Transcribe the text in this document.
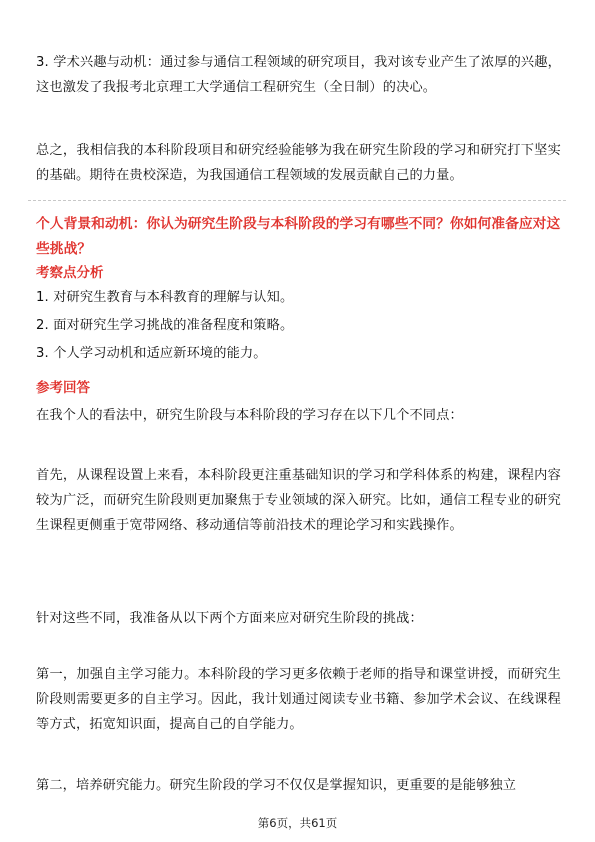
3. 学术兴趣与动机：通过参与通信工程领域的研究项目，我对该专业产生了浓厚的兴趣，这也激发了我报考北京理工大学通信工程研究生（全日制）的决心。

总之，我相信我的本科阶段项目和研究经验能够为我在研究生阶段的学习和研究打下坚实的基础。期待在贵校深造，为我国通信工程领域的发展贡献自己的力量。

个人背景和动机：你认为研究生阶段与本科阶段的学习有哪些不同？你如何准备应对这些挑战？
考察点分析

1. 对研究生教育与本科教育的理解与认知。

2. 面对研究生学习挑战的准备程度和策略。

3. 个人学习动机和适应新环境的能力。

参考回答

在我个人的看法中，研究生阶段与本科阶段的学习存在以下几个不同点：

首先，从课程设置上来看，本科阶段更注重基础知识的学习和学科体系的构建，课程内容较为广泛，而研究生阶段则更加聚焦于专业领域的深入研究。比如，通信工程专业的研究生课程更侧重于宽带网络、移动通信等前沿技术的理论学习和实践操作。

针对这些不同，我准备从以下两个方面来应对研究生阶段的挑战：

第一，加强自主学习能力。本科阶段的学习更多依赖于老师的指导和课堂讲授，而研究生阶段则需要更多的自主学习。因此，我计划通过阅读专业书籍、参加学术会议、在线课程等方式，拓宽知识面，提高自己的自学能力。

第二，培养研究能力。研究生阶段的学习不仅仅是掌握知识，更重要的是能够独立

第6页，共61页
